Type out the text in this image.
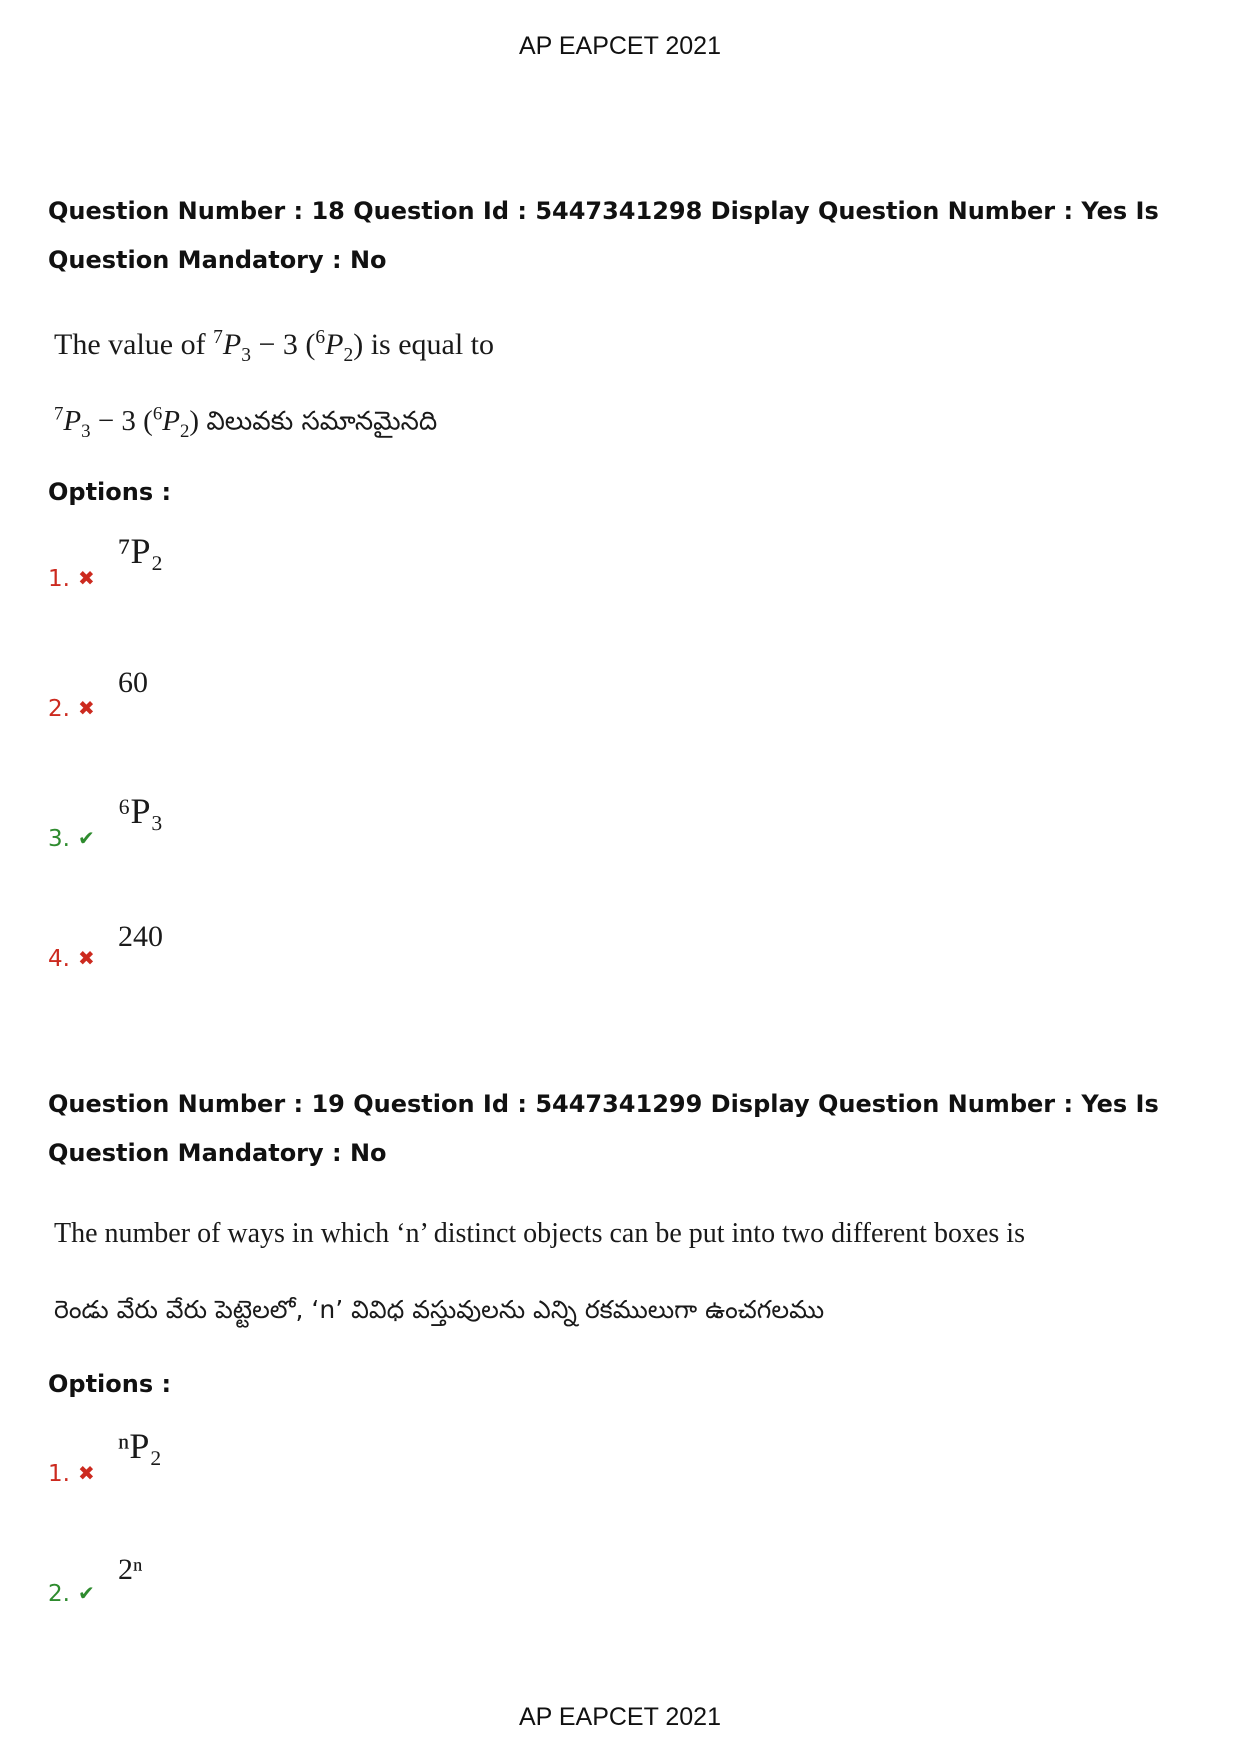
AP EAPCET 2021
Question Number : 18 Question Id : 5447341298 Display Question Number : Yes Is Question Mandatory : No
The value of $^7P_3 - 3$ $(^6P_2)$ is equal to
$^7P_3 - 3$ $(^6P_2)$ విలువకు సమానమైనది
Options :
1. ✖
⁷P₂
2. ✖
60
3. ✔
⁶P₃
4. ✖
240
Question Number : 19 Question Id : 5447341299 Display Question Number : Yes Is Question Mandatory : No
The number of ways in which ‘n’ distinct objects can be put into two different boxes is
రెండు వేరు వేరు పెట్టెలలో, ‘n’ వివిధ వస్తువులను ఎన్ని రకములుగా ఉంచగలము
Options :
1. ✖
ⁿP₂
2. ✔
2ⁿ
AP EAPCET 2021
